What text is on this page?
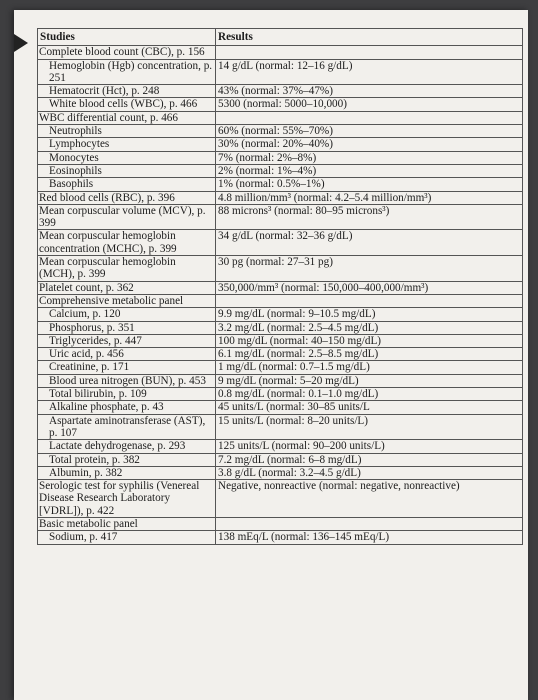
Studies	Results
Complete blood count (CBC), p. 156	
Hemoglobin (Hgb) concentration, p. 251	14 g/dL (normal: 12–16 g/dL)
Hematocrit (Hct), p. 248	43% (normal: 37%–47%)
White blood cells (WBC), p. 466	5300 (normal: 5000–10,000)
WBC differential count, p. 466	
Neutrophils	60% (normal: 55%–70%)
Lymphocytes	30% (normal: 20%–40%)
Monocytes	7% (normal: 2%–8%)
Eosinophils	2% (normal: 1%–4%)
Basophils	1% (normal: 0.5%–1%)
Red blood cells (RBC), p. 396	4.8 million/mm³ (normal: 4.2–5.4 million/mm³)
Mean corpuscular volume (MCV), p. 399	88 microns³ (normal: 80–95 microns³)
Mean corpuscular hemoglobin concentration (MCHC), p. 399	34 g/dL (normal: 32–36 g/dL)
Mean corpuscular hemoglobin (MCH), p. 399	30 pg (normal: 27–31 pg)
Platelet count, p. 362	350,000/mm³ (normal: 150,000–400,000/mm³)
Comprehensive metabolic panel	
Calcium, p. 120	9.9 mg/dL (normal: 9–10.5 mg/dL)
Phosphorus, p. 351	3.2 mg/dL (normal: 2.5–4.5 mg/dL)
Triglycerides, p. 447	100 mg/dL (normal: 40–150 mg/dL)
Uric acid, p. 456	6.1 mg/dL (normal: 2.5–8.5 mg/dL)
Creatinine, p. 171	1 mg/dL (normal: 0.7–1.5 mg/dL)
Blood urea nitrogen (BUN), p. 453	9 mg/dL (normal: 5–20 mg/dL)
Total bilirubin, p. 109	0.8 mg/dL (normal: 0.1–1.0 mg/dL)
Alkaline phosphate, p. 43	45 units/L (normal: 30–85 units/L
Aspartate aminotransferase (AST), p. 107	15 units/L (normal: 8–20 units/L)
Lactate dehydrogenase, p. 293	125 units/L (normal: 90–200 units/L)
Total protein, p. 382	7.2 mg/dL (normal: 6–8 mg/dL)
Albumin, p. 382	3.8 g/dL (normal: 3.2–4.5 g/dL)
Serologic test for syphilis (Venereal Disease Research Laboratory [VDRL]), p. 422	Negative, nonreactive (normal: negative, nonreactive)
Basic metabolic panel	
Sodium, p. 417	138 mEq/L (normal: 136–145 mEq/L)
